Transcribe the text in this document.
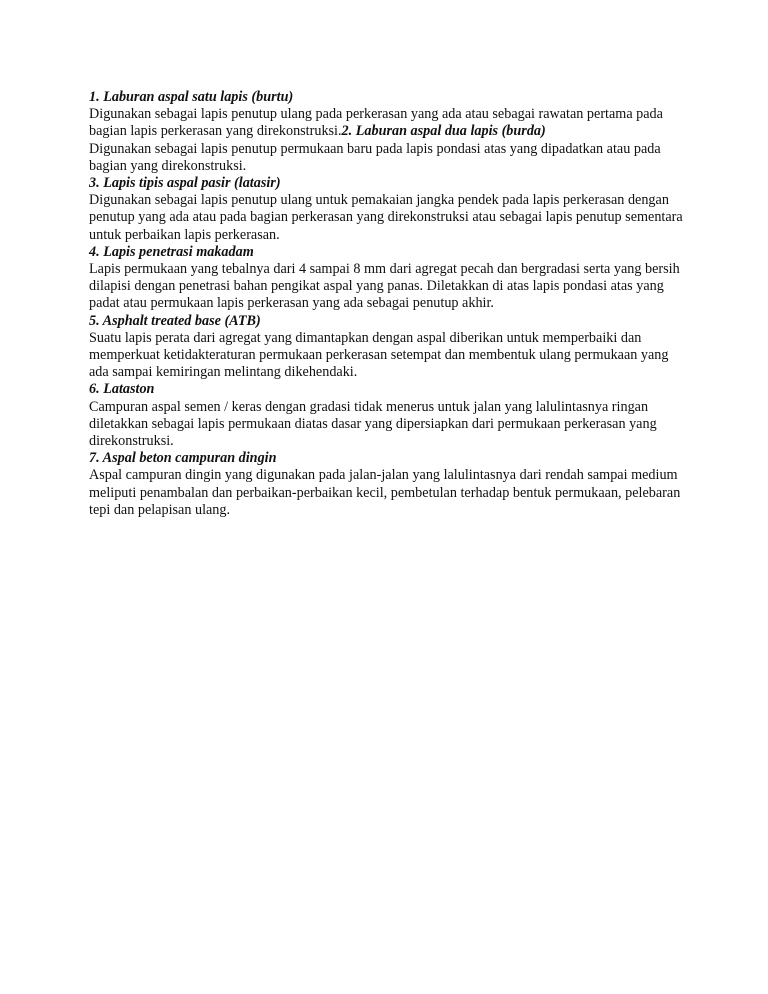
1. Laburan aspal satu lapis (burtu)

Digunakan sebagai lapis penutup ulang pada perkerasan yang ada atau sebagai rawatan pertama pada bagian lapis perkerasan yang direkonstruksi.2. Laburan aspal dua lapis (burda)

Digunakan sebagai lapis penutup permukaan baru pada lapis pondasi atas yang dipadatkan atau pada bagian yang direkonstruksi.

3. Lapis tipis aspal pasir (latasir)

Digunakan sebagai lapis penutup ulang untuk pemakaian jangka pendek pada lapis perkerasan dengan penutup yang ada atau pada bagian perkerasan yang direkonstruksi atau sebagai lapis penutup sementara untuk perbaikan lapis perkerasan.

4. Lapis penetrasi makadam

Lapis permukaan yang tebalnya dari 4 sampai 8 mm dari agregat pecah dan bergradasi serta yang bersih dilapisi dengan penetrasi bahan pengikat aspal yang panas. Diletakkan di atas lapis pondasi atas yang padat atau permukaan lapis perkerasan yang ada sebagai penutup akhir.

5. Asphalt treated base (ATB)

Suatu lapis perata dari agregat yang dimantapkan dengan aspal diberikan untuk memperbaiki dan memperkuat ketidakteraturan permukaan perkerasan setempat dan membentuk ulang permukaan yang ada sampai kemiringan melintang dikehendaki.

6. Lataston

Campuran aspal semen / keras dengan gradasi tidak menerus untuk jalan yang lalulintasnya ringan diletakkan sebagai lapis permukaan diatas dasar yang dipersiapkan dari permukaan perkerasan yang direkonstruksi.

7. Aspal beton campuran dingin

Aspal campuran dingin yang digunakan pada jalan-jalan yang lalulintasnya dari rendah sampai medium meliputi penambalan dan perbaikan-perbaikan kecil, pembetulan terhadap bentuk permukaan, pelebaran tepi dan pelapisan ulang.
